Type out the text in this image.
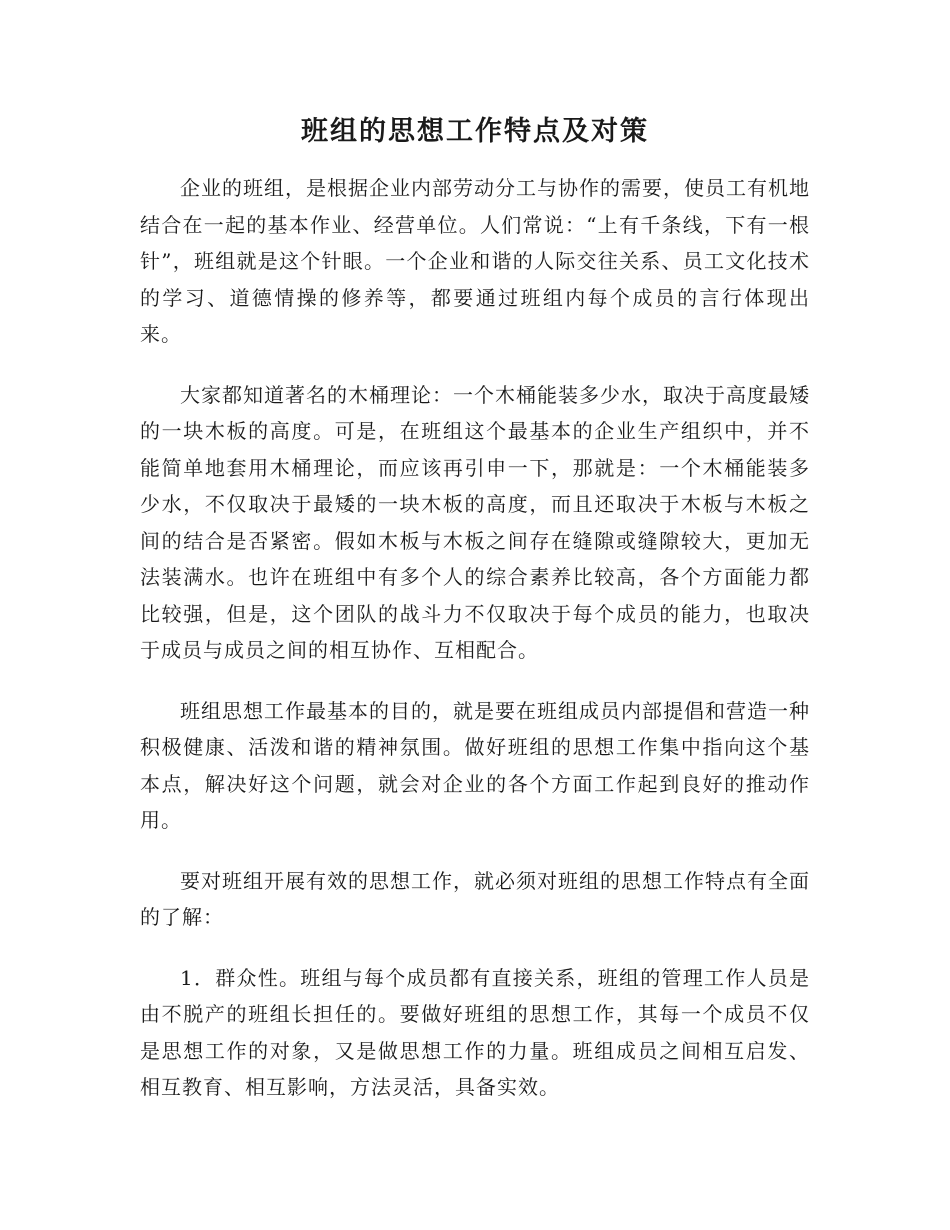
班组的思想工作特点及对策

企业的班组，是根据企业内部劳动分工与协作的需要，使员工有机地结合在一起的基本作业、经营单位。人们常说：“上有千条线，下有一根针”，班组就是这个针眼。一个企业和谐的人际交往关系、员工文化技术的学习、道德情操的修养等，都要通过班组内每个成员的言行体现出来。

大家都知道著名的木桶理论：一个木桶能装多少水，取决于高度最矮的一块木板的高度。可是，在班组这个最基本的企业生产组织中，并不能简单地套用木桶理论，而应该再引申一下，那就是：一个木桶能装多少水，不仅取决于最矮的一块木板的高度，而且还取决于木板与木板之间的结合是否紧密。假如木板与木板之间存在缝隙或缝隙较大，更加无法装满水。也许在班组中有多个人的综合素养比较高，各个方面能力都比较强，但是，这个团队的战斗力不仅取决于每个成员的能力，也取决于成员与成员之间的相互协作、互相配合。

班组思想工作最基本的目的，就是要在班组成员内部提倡和营造一种积极健康、活泼和谐的精神氛围。做好班组的思想工作集中指向这个基本点，解决好这个问题，就会对企业的各个方面工作起到良好的推动作用。

要对班组开展有效的思想工作，就必须对班组的思想工作特点有全面的了解：

1．群众性。班组与每个成员都有直接关系，班组的管理工作人员是由不脱产的班组长担任的。要做好班组的思想工作，其每一个成员不仅是思想工作的对象，又是做思想工作的力量。班组成员之间相互启发、相互教育、相互影响，方法灵活，具备实效。
